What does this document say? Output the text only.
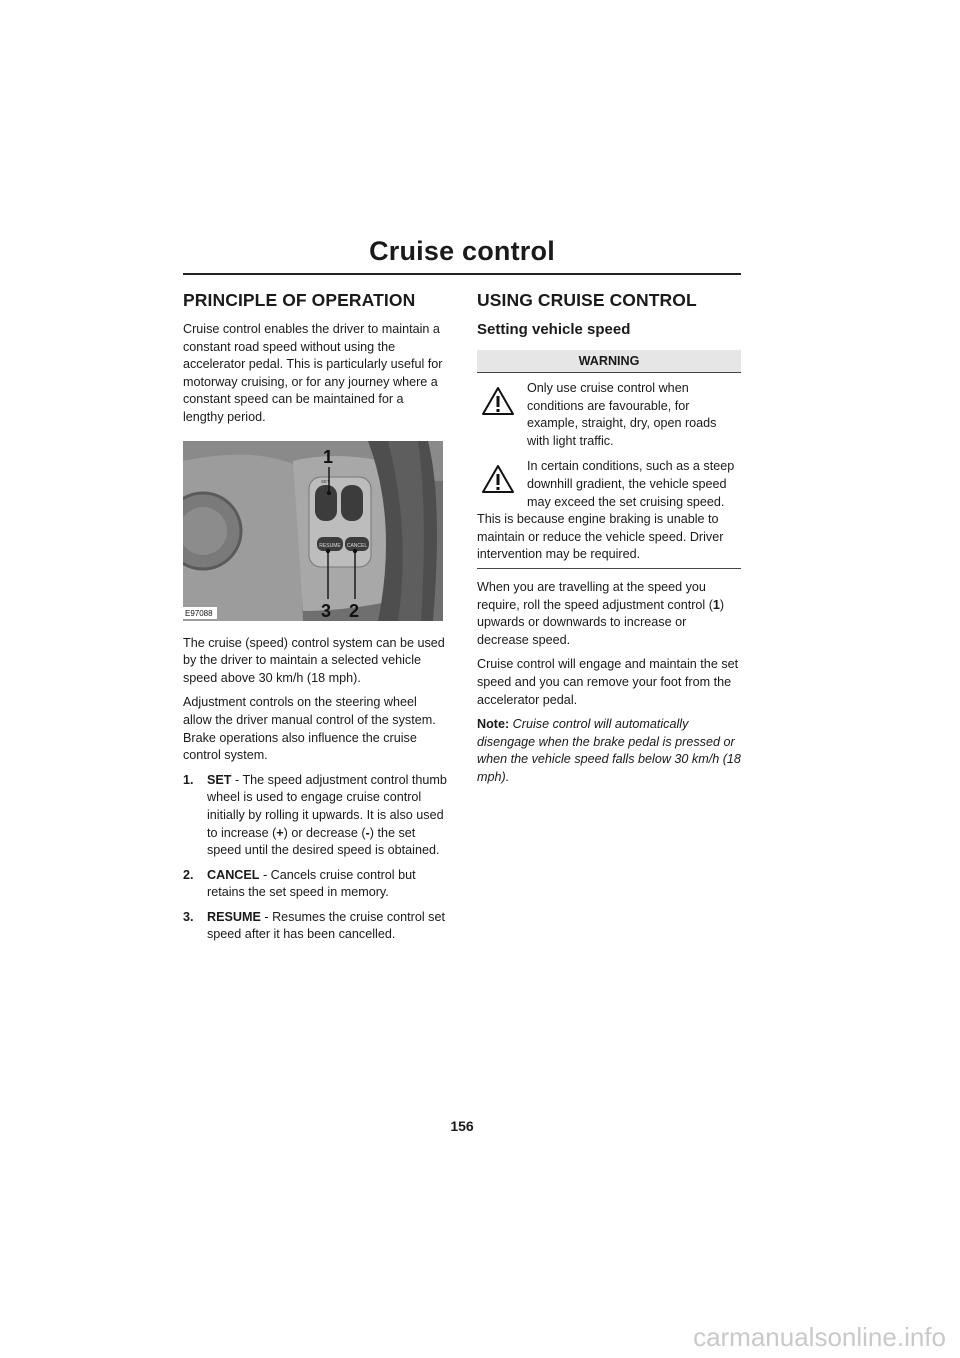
Cruise control
PRINCIPLE OF OPERATION

Cruise control enables the driver to maintain a constant road speed without using the accelerator pedal. This is particularly useful for motorway cruising, or for any journey where a constant speed can be maintained for a lengthy period.

RESUME CANCEL
SET
1
3 2
E97088

The cruise (speed) control system can be used by the driver to maintain a selected vehicle speed above 30 km/h (18 mph).

Adjustment controls on the steering wheel allow the driver manual control of the system. Brake operations also influence the cruise control system.

1. SET - The speed adjustment control thumb wheel is used to engage cruise control initially by rolling it upwards. It is also used to increase (+) or decrease (-) the set speed until the desired speed is obtained.
2. CANCEL - Cancels cruise control but retains the set speed in memory.
3. RESUME - Resumes the cruise control set speed after it has been cancelled.
USING CRUISE CONTROL
Setting vehicle speed
WARNING
Only use cruise control when conditions are favourable, for example, straight, dry, open roads with light traffic.
In certain conditions, such as a steep downhill gradient, the vehicle speed may exceed the set cruising speed.
This is because engine braking is unable to maintain or reduce the vehicle speed. Driver intervention may be required.

When you are travelling at the speed you require, roll the speed adjustment control (1) upwards or downwards to increase or decrease speed.

Cruise control will engage and maintain the set speed and you can remove your foot from the accelerator pedal.

Note: Cruise control will automatically disengage when the brake pedal is pressed or when the vehicle speed falls below 30 km/h (18 mph).

156
carmanualsonline.info
